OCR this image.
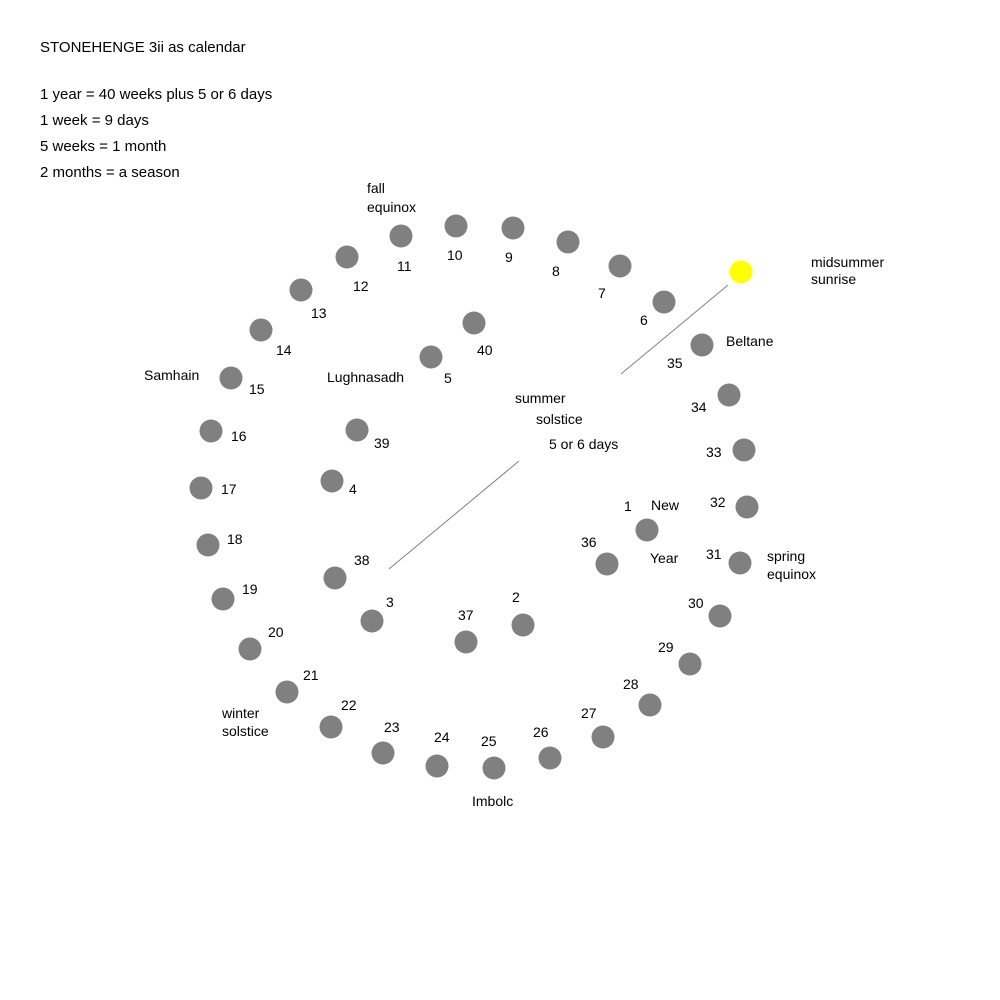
STONEHENGE 3ii as calendar
1 year = 40 weeks plus 5 or 6 days
1 week = 9 days
5 weeks = 1 month
2 months = a season
6
7
8
9
10
11
12
13
14
15
16
17
18
19
20
21
22
23
24 25
26
27
28
29
30
31
32
33
34
35
1
2
3
4
5
36
37
38
39
40
midsummer
sunrise
summer
solstice
5 or 6 days
fall
equinox
Samhain	Lughnasadh
Beltane
New
Year	spring
equinox
winter
solstice
Imbolc
